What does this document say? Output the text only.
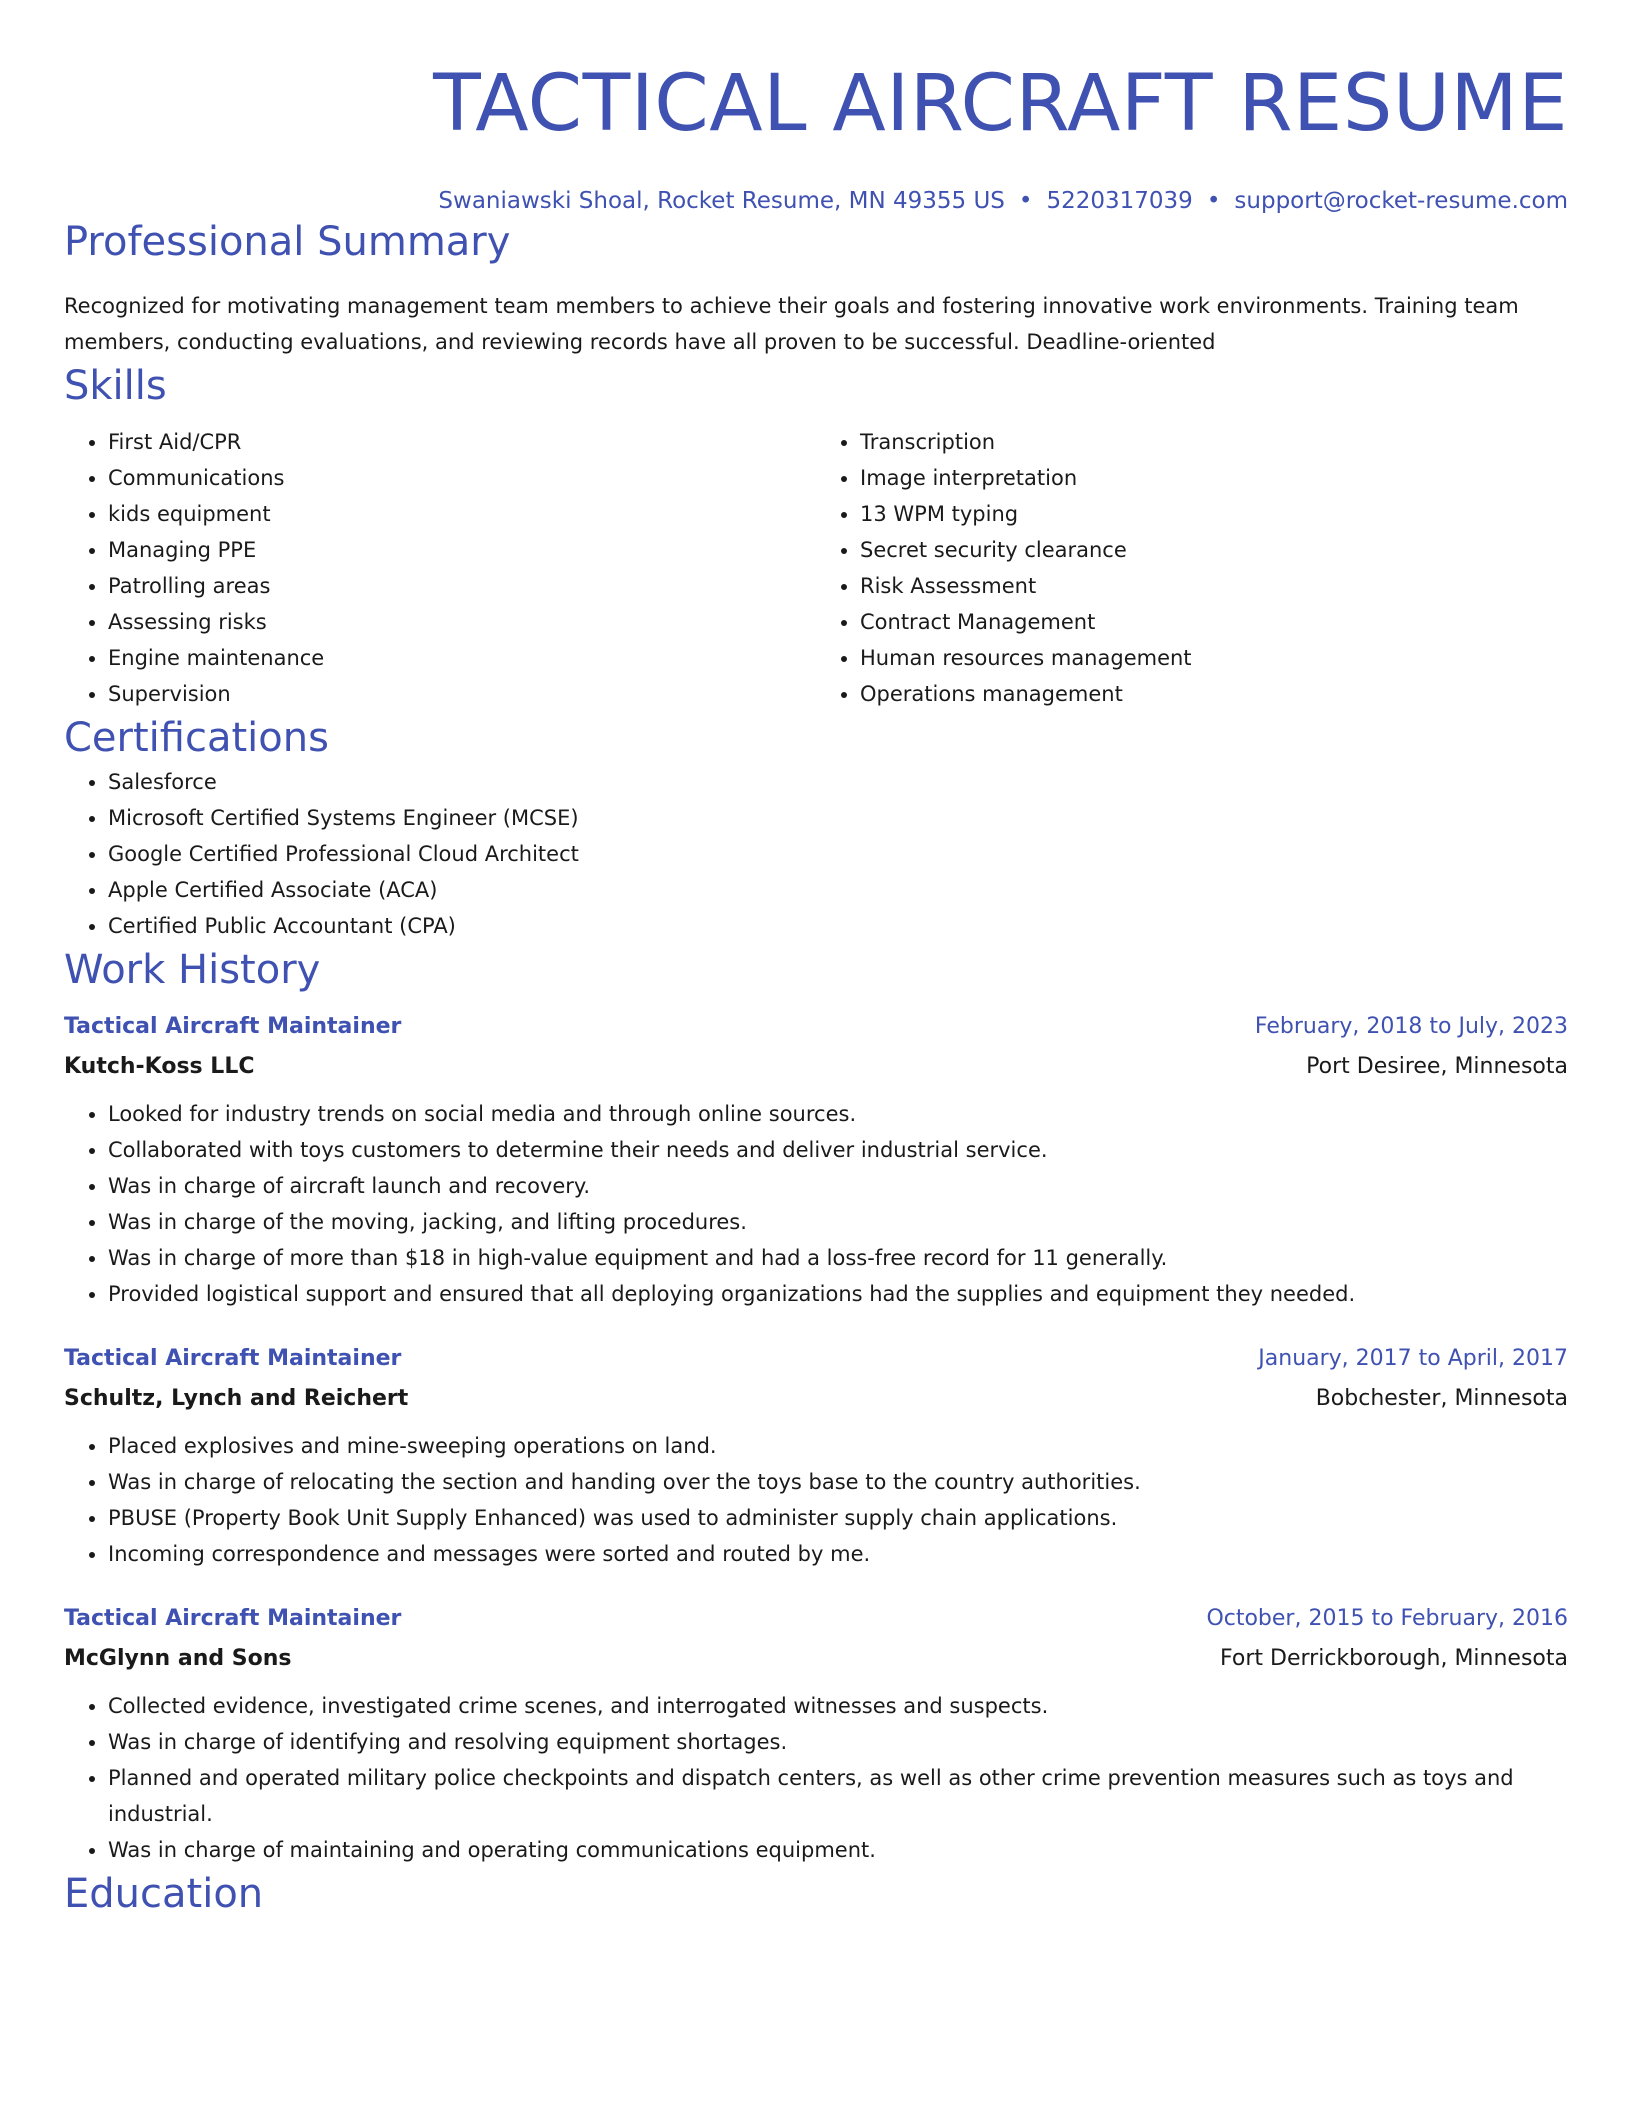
TACTICAL AIRCRAFT RESUME
Swaniawski Shoal, Rocket Resume, MN 49355 US • 5220317039 • support@rocket-resume.com
Professional Summary
Recognized for motivating management team members to achieve their goals and fostering innovative work environments. Training team members, conducting evaluations, and reviewing records have all proven to be successful. Deadline-oriented
Skills
• First Aid/CPR
• Communications
• kids equipment
• Managing PPE
• Patrolling areas
• Assessing risks
• Engine maintenance
• Supervision
• Transcription
• Image interpretation
• 13 WPM typing
• Secret security clearance
• Risk Assessment
• Contract Management
• Human resources management
• Operations management
Certifications
• Salesforce
• Microsoft Certified Systems Engineer (MCSE)
• Google Certified Professional Cloud Architect
• Apple Certified Associate (ACA)
• Certified Public Accountant (CPA)
Work History
Tactical Aircraft Maintainer	February, 2018 to July, 2023
Kutch-Koss LLC	Port Desiree, Minnesota
• Looked for industry trends on social media and through online sources.
• Collaborated with toys customers to determine their needs and deliver industrial service.
• Was in charge of aircraft launch and recovery.
• Was in charge of the moving, jacking, and lifting procedures.
• Was in charge of more than $18 in high-value equipment and had a loss-free record for 11 generally.
• Provided logistical support and ensured that all deploying organizations had the supplies and equipment they needed.
Tactical Aircraft Maintainer	January, 2017 to April, 2017
Schultz, Lynch and Reichert	Bobchester, Minnesota
• Placed explosives and mine-sweeping operations on land.
• Was in charge of relocating the section and handing over the toys base to the country authorities.
• PBUSE (Property Book Unit Supply Enhanced) was used to administer supply chain applications.
• Incoming correspondence and messages were sorted and routed by me.
Tactical Aircraft Maintainer	October, 2015 to February, 2016
McGlynn and Sons	Fort Derrickborough, Minnesota
• Collected evidence, investigated crime scenes, and interrogated witnesses and suspects.
• Was in charge of identifying and resolving equipment shortages.
• Planned and operated military police checkpoints and dispatch centers, as well as other crime prevention measures such as toys and industrial.
• Was in charge of maintaining and operating communications equipment.
Education
